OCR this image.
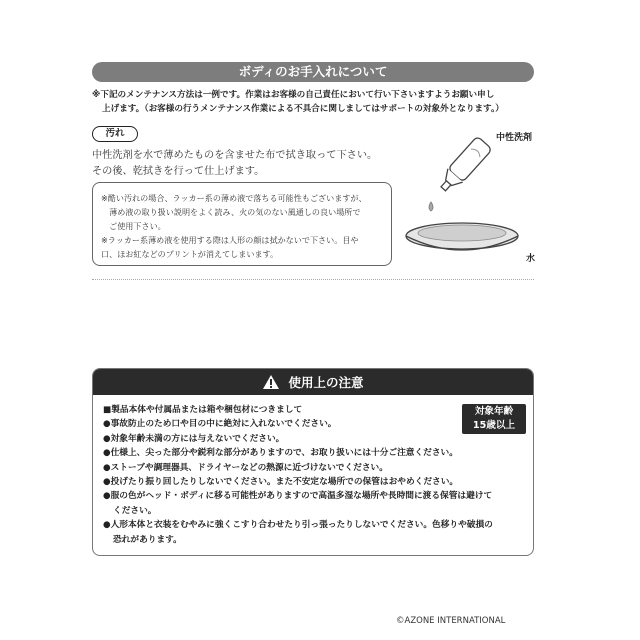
ボディのお手入れについて
※下記のメンテナンス方法は一例です。作業はお客様の自己責任において行い下さいますようお願い申し
上げます。（お客様の行うメンテナンス作業による不具合に関しましてはサポートの対象外となります。）
汚れ
中性洗剤を水で薄めたものを含ませた布で拭き取って下さい。
その後、乾拭きを行って仕上げます。
※酷い汚れの場合、ラッカー系の薄め液で落ちる可能性もございますが、
　薄め液の取り扱い説明をよく読み、火の気のない風通しの良い場所で
　ご使用下さい。
※ラッカー系薄め液を使用する際は人形の顔は拭かないで下さい。目や
口、ほお紅などのプリントが消えてしまいます。
中性洗剤
水
使用上の注意
■製品本体や付属品または箱や梱包材につきまして
●事故防止のため口や目の中に絶対に入れないでください。
●対象年齢未満の方には与えないでください。
●仕様上、尖った部分や鋭利な部分がありますので、お取り扱いには十分ご注意ください。
●ストーブや調理器具、ドライヤーなどの熱源に近づけないでください。
●投げたり振り回したりしないでください。また不安定な場所での保管はおやめください。
●服の色がヘッド・ボディに移る可能性がありますので高温多湿な場所や長時間に渡る保管は避けて
ください。
●人形本体と衣装をむやみに強くこすり合わせたり引っ張ったりしないでください。色移りや破損の
恐れがあります。
対象年齢
15歳以上
©AZONE INTERNATIONAL
